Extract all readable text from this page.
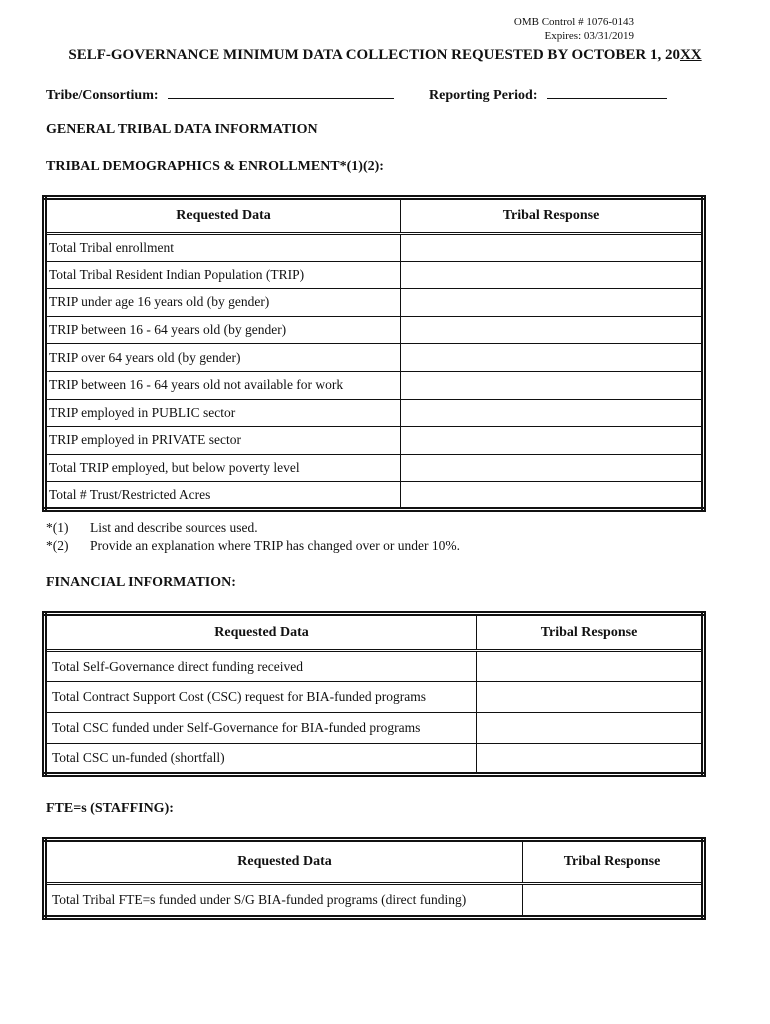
OMB Control # 1076-0143
Expires: 03/31/2019
SELF-GOVERNANCE MINIMUM DATA COLLECTION REQUESTED BY OCTOBER 1, 20XX
Tribe/Consortium:	Reporting Period:
GENERAL TRIBAL DATA INFORMATION
TRIBAL DEMOGRAPHICS & ENROLLMENT*(1)(2):
Requested Data	Tribal Response
Total Tribal enrollment	
Total Tribal Resident Indian Population (TRIP)	
TRIP under age 16 years old (by gender)	
TRIP between 16 - 64 years old (by gender)	
TRIP over 64 years old (by gender)	
TRIP between 16 - 64 years old not available for work	
TRIP employed in PUBLIC sector	
TRIP employed in PRIVATE sector	
Total TRIP employed, but below poverty level	
Total # Trust/Restricted Acres	
*(1) List and describe sources used.
*(2) Provide an explanation where TRIP has changed over or under 10%.
FINANCIAL INFORMATION:
Requested Data	Tribal Response
Total Self-Governance direct funding received	
Total Contract Support Cost (CSC) request for BIA-funded programs	
Total CSC funded under Self-Governance for BIA-funded programs	
Total CSC un-funded (shortfall)	
FTE=s (STAFFING):
Requested Data	Tribal Response
Total Tribal FTE=s funded under S/G BIA-funded programs (direct funding)	
